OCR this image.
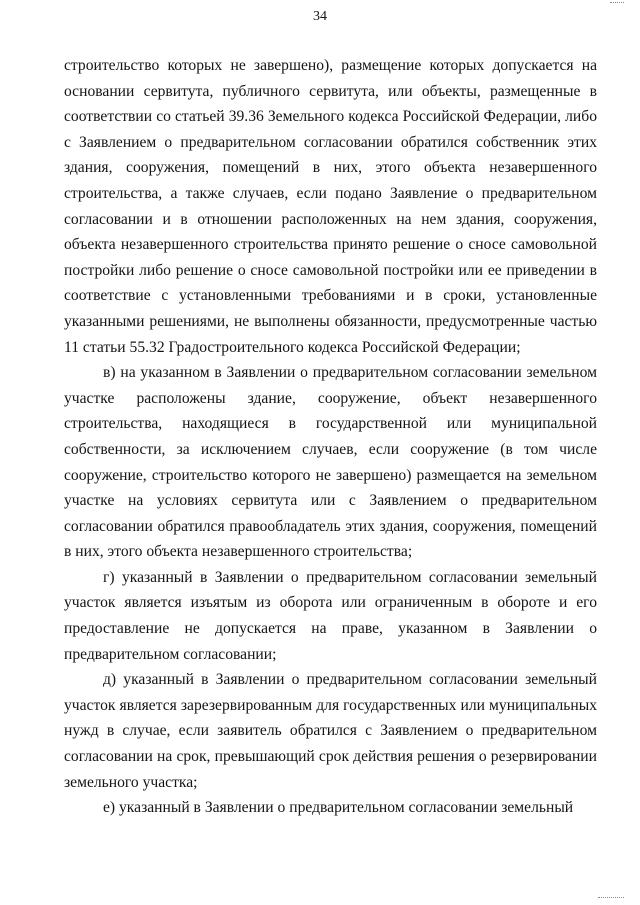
34

строительство которых не завершено), размещение которых допускается на основании сервитута, публичного сервитута, или объекты, размещенные в соответствии со статьей 39.36 Земельного кодекса Российской Федерации, либо с Заявлением о предварительном согласовании обратился собственник этих здания, сооружения, помещений в них, этого объекта незавершенного строительства, а также случаев, если подано Заявление о предварительном согласовании и в отношении расположенных на нем здания, сооружения, объекта незавершенного строительства принято решение о сносе самовольной постройки либо решение о сносе самовольной постройки или ее приведении в соответствие с установленными требованиями и в сроки, установленные указанными решениями, не выполнены обязанности, предусмотренные частью 11 статьи 55.32 Градостроительного кодекса Российской Федерации;

в) на указанном в Заявлении о предварительном согласовании земельном участке расположены здание, сооружение, объект незавершенного строительства, находящиеся в государственной или муниципальной собственности, за исключением случаев, если сооружение (в том числе сооружение, строительство которого не завершено) размещается на земельном участке на условиях сервитута или с Заявлением о предварительном согласовании обратился правообладатель этих здания, сооружения, помещений в них, этого объекта незавершенного строительства;

г) указанный в Заявлении о предварительном согласовании земельный участок является изъятым из оборота или ограниченным в обороте и его предоставление не допускается на праве, указанном в Заявлении о предварительном согласовании;

д) указанный в Заявлении о предварительном согласовании земельный участок является зарезервированным для государственных или муниципальных нужд в случае, если заявитель обратился с Заявлением о предварительном согласовании на срок, превышающий срок действия решения о резервировании земельного участка;

е) указанный в Заявлении о предварительном согласовании земельный
